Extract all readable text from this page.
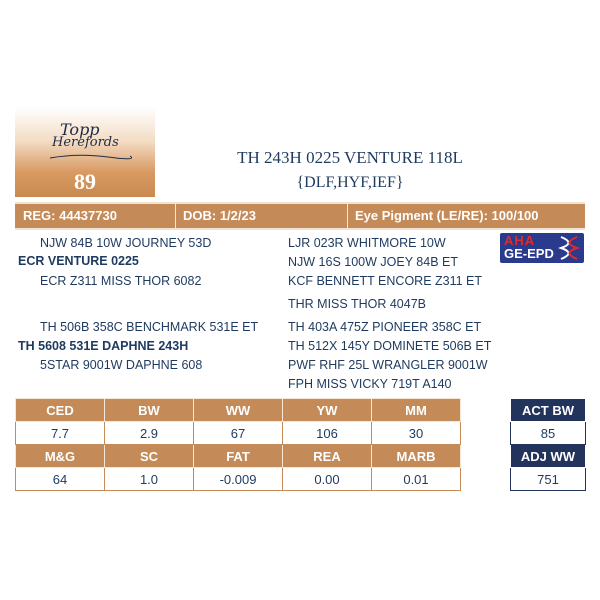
Topp
Herefords
89
TH 243H 0225 VENTURE 118L
{DLF,HYF,IEF}
REG: 44437730	DOB: 1/2/23	Eye Pigment (LE/RE): 100/100
NJW 84B 10W JOURNEY 53D
ECR VENTURE 0225
ECR Z311 MISS THOR 6082
TH 506B 358C BENCHMARK 531E ET
TH 5608 531E DAPHNE 243H
5STAR 9001W DAPHNE 608
LJR 023R WHITMORE 10W
NJW 16S 100W JOEY 84B ET
KCF BENNETT ENCORE Z311 ET
THR MISS THOR 4047B
TH 403A 475Z PIONEER 358C ET
TH 512X 145Y DOMINETE 506B ET
PWF RHF 25L WRANGLER 9001W
FPH MISS VICKY 719T A140
AHA
GE-EPD
CED	BW	WW	YW	MM
7.7	2.9	67	106	30
M&G	SC	FAT	REA	MARB
64	1.0	-0.009	0.00	0.01
ACT BW
85
ADJ WW
751
